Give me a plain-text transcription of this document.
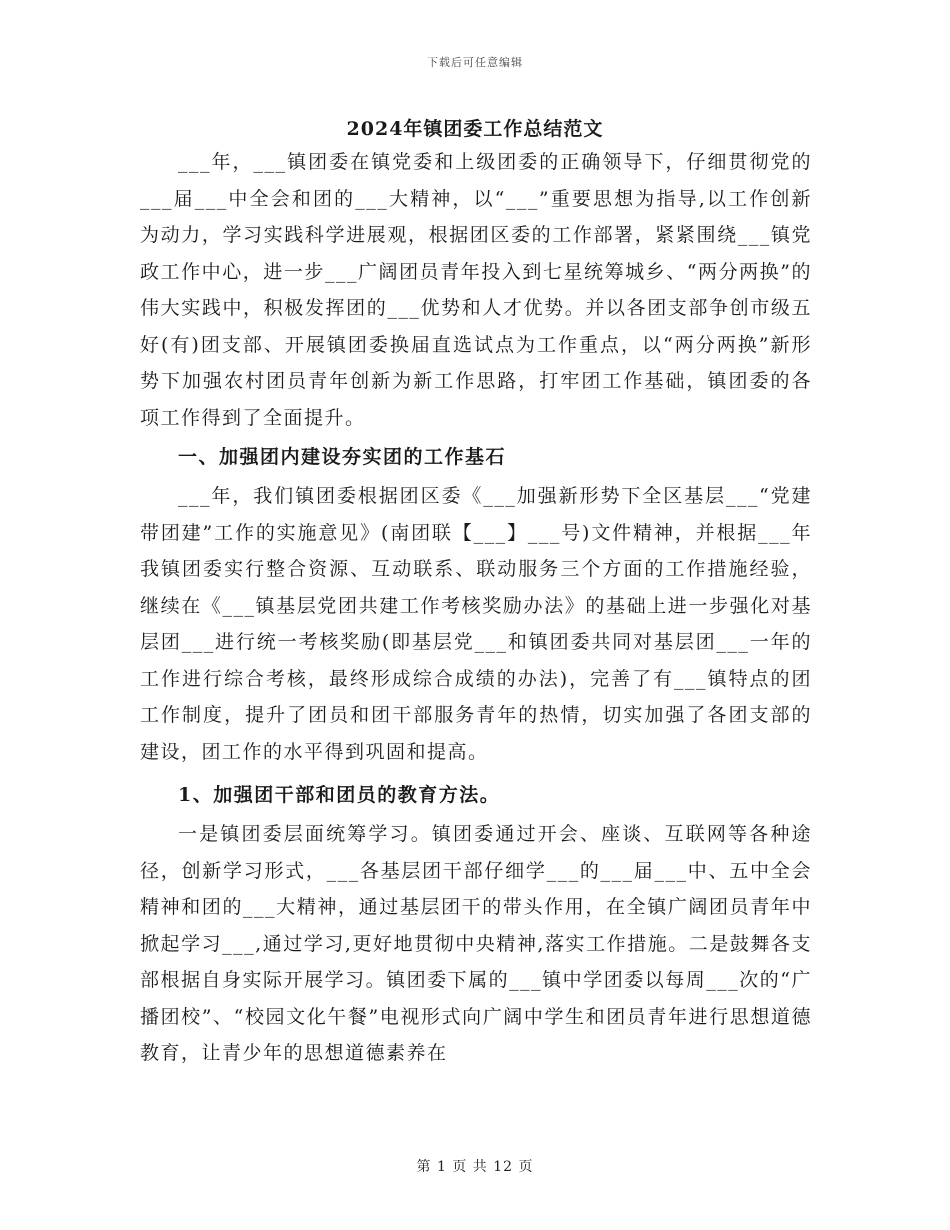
下载后可任意编辑
2024年镇团委工作总结范文

___年，___镇团委在镇党委和上级团委的正确领导下，仔细贯彻党的___届___中全会和团的___大精神，以“___”重要思想为指导,以工作创新为动力，学习实践科学进展观，根据团区委的工作部署，紧紧围绕___镇党政工作中心，进一步___广阔团员青年投入到七星统筹城乡、“两分两换”的伟大实践中，积极发挥团的___优势和人才优势。并以各团支部争创市级五好(有)团支部、开展镇团委换届直选试点为工作重点，以“两分两换”新形势下加强农村团员青年创新为新工作思路，打牢团工作基础，镇团委的各项工作得到了全面提升。

一、加强团内建设夯实团的工作基石

___年，我们镇团委根据团区委《___加强新形势下全区基层___“党建带团建”工作的实施意见》(南团联【___】___号)文件精神，并根据___年我镇团委实行整合资源、互动联系、联动服务三个方面的工作措施经验，继续在《___镇基层党团共建工作考核奖励办法》的基础上进一步强化对基层团___进行统一考核奖励(即基层党___和镇团委共同对基层团___一年的工作进行综合考核，最终形成综合成绩的办法)，完善了有___镇特点的团工作制度，提升了团员和团干部服务青年的热情，切实加强了各团支部的建设，团工作的水平得到巩固和提高。

1、加强团干部和团员的教育方法。

一是镇团委层面统筹学习。镇团委通过开会、座谈、互联网等各种途径，创新学习形式，___各基层团干部仔细学___的___届___中、五中全会精神和团的___大精神，通过基层团干的带头作用，在全镇广阔团员青年中掀起学习___,通过学习,更好地贯彻中央精神,落实工作措施。二是鼓舞各支部根据自身实际开展学习。镇团委下属的___镇中学团委以每周___次的“广播团校”、“校园文化午餐”电视形式向广阔中学生和团员青年进行思想道德教育，让青少年的思想道德素养在

第 1 页 共 12 页
